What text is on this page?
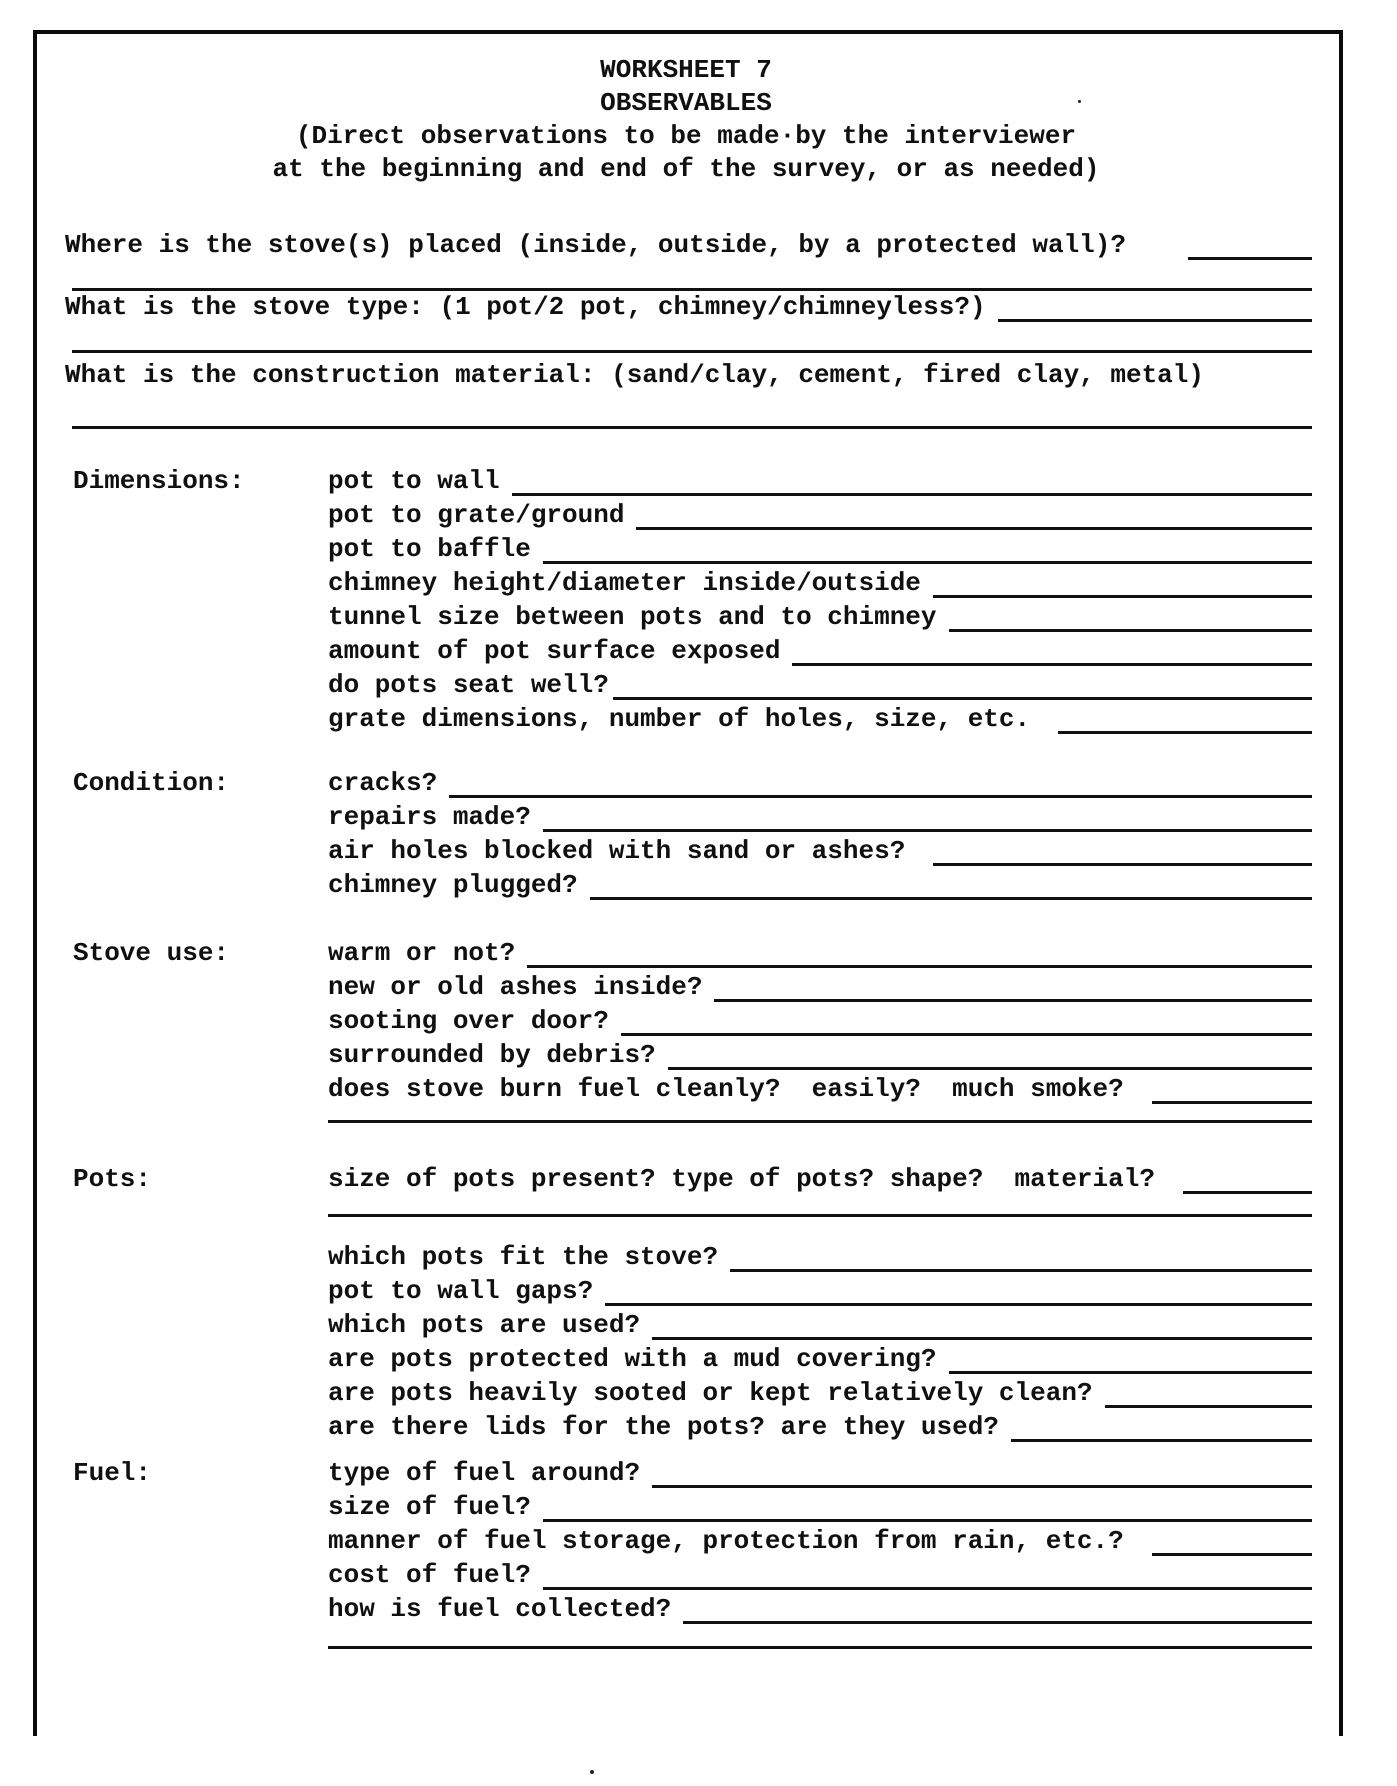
WORKSHEET 7
OBSERVABLES
(Direct observations to be made·by the interviewer
at the beginning and end of the survey, or as needed)
Where is the stove(s) placed (inside, outside, by a protected wall)?
What is the stove type: (1 pot/2 pot, chimney/chimneyless?)
What is the construction material: (sand/clay, cement, fired clay, metal)
Dimensions:	pot to wall
pot to grate/ground
pot to baffle
chimney height/diameter inside/outside
tunnel size between pots and to chimney
amount of pot surface exposed
do pots seat well?
grate dimensions, number of holes, size, etc.
Condition:	cracks?
repairs made?
air holes blocked with sand or ashes?
chimney plugged?
Stove use:	warm or not?
new or old ashes inside?
sooting over door?
surrounded by debris?
does stove burn fuel cleanly?  easily?  much smoke?
Pots:	size of pots present? type of pots? shape?  material?
which pots fit the stove?
pot to wall gaps?
which pots are used?
are pots protected with a mud covering?
are pots heavily sooted or kept relatively clean?
are there lids for the pots? are they used?
Fuel:	type of fuel around?
size of fuel?
manner of fuel storage, protection from rain, etc.?
cost of fuel?
how is fuel collected?
